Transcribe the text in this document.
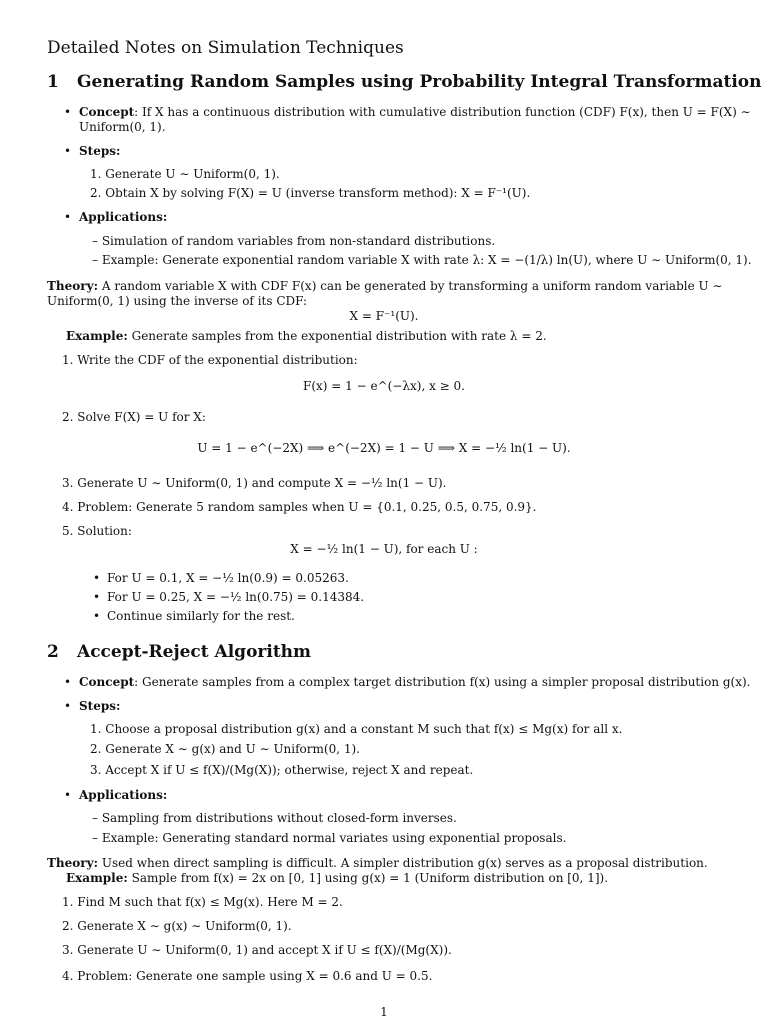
Detailed Notes on Simulation Techniques
1 Generating Random Samples using Probability Integral Transformation
• Concept: If X has a continuous distribution with cumulative distribution function (CDF) F(x), then U = F(X) ∼
Uniform(0, 1).
• Steps:
1. Generate U ∼ Uniform(0, 1).
2. Obtain X by solving F(X) = U (inverse transform method): X = F⁻¹(U).
• Applications:
– Simulation of random variables from non-standard distributions.
– Example: Generate exponential random variable X with rate λ: X = −(1/λ) ln(U), where U ∼ Uniform(0, 1).
Theory: A random variable X with CDF F(x) can be generated by transforming a uniform random variable U ∼
Uniform(0, 1) using the inverse of its CDF:
X = F⁻¹(U).
Example: Generate samples from the exponential distribution with rate λ = 2.
1. Write the CDF of the exponential distribution:
F(x) = 1 − e^(−λx), x ≥ 0.
2. Solve F(X) = U for X:
U = 1 − e^(−2X) ⟹ e^(−2X) = 1 − U ⟹ X = −½ ln(1 − U).
3. Generate U ∼ Uniform(0, 1) and compute X = −½ ln(1 − U).
4. Problem: Generate 5 random samples when U = {0.1, 0.25, 0.5, 0.75, 0.9}.
5. Solution:
X = −½ ln(1 − U), for each U :
• For U = 0.1, X = −½ ln(0.9) = 0.05263.
• For U = 0.25, X = −½ ln(0.75) = 0.14384.
• Continue similarly for the rest.
2 Accept-Reject Algorithm
• Concept: Generate samples from a complex target distribution f(x) using a simpler proposal distribution g(x).
• Steps:
1. Choose a proposal distribution g(x) and a constant M such that f(x) ≤ Mg(x) for all x.
2. Generate X ∼ g(x) and U ∼ Uniform(0, 1).
3. Accept X if U ≤ f(X)/(Mg(X)); otherwise, reject X and repeat.
• Applications:
– Sampling from distributions without closed-form inverses.
– Example: Generating standard normal variates using exponential proposals.
Theory: Used when direct sampling is difficult. A simpler distribution g(x) serves as a proposal distribution.
Example: Sample from f(x) = 2x on [0, 1] using g(x) = 1 (Uniform distribution on [0, 1]).
1. Find M such that f(x) ≤ Mg(x). Here M = 2.
2. Generate X ∼ g(x) ∼ Uniform(0, 1).
3. Generate U ∼ Uniform(0, 1) and accept X if U ≤ f(X)/(Mg(X)).
4. Problem: Generate one sample using X = 0.6 and U = 0.5.
1
